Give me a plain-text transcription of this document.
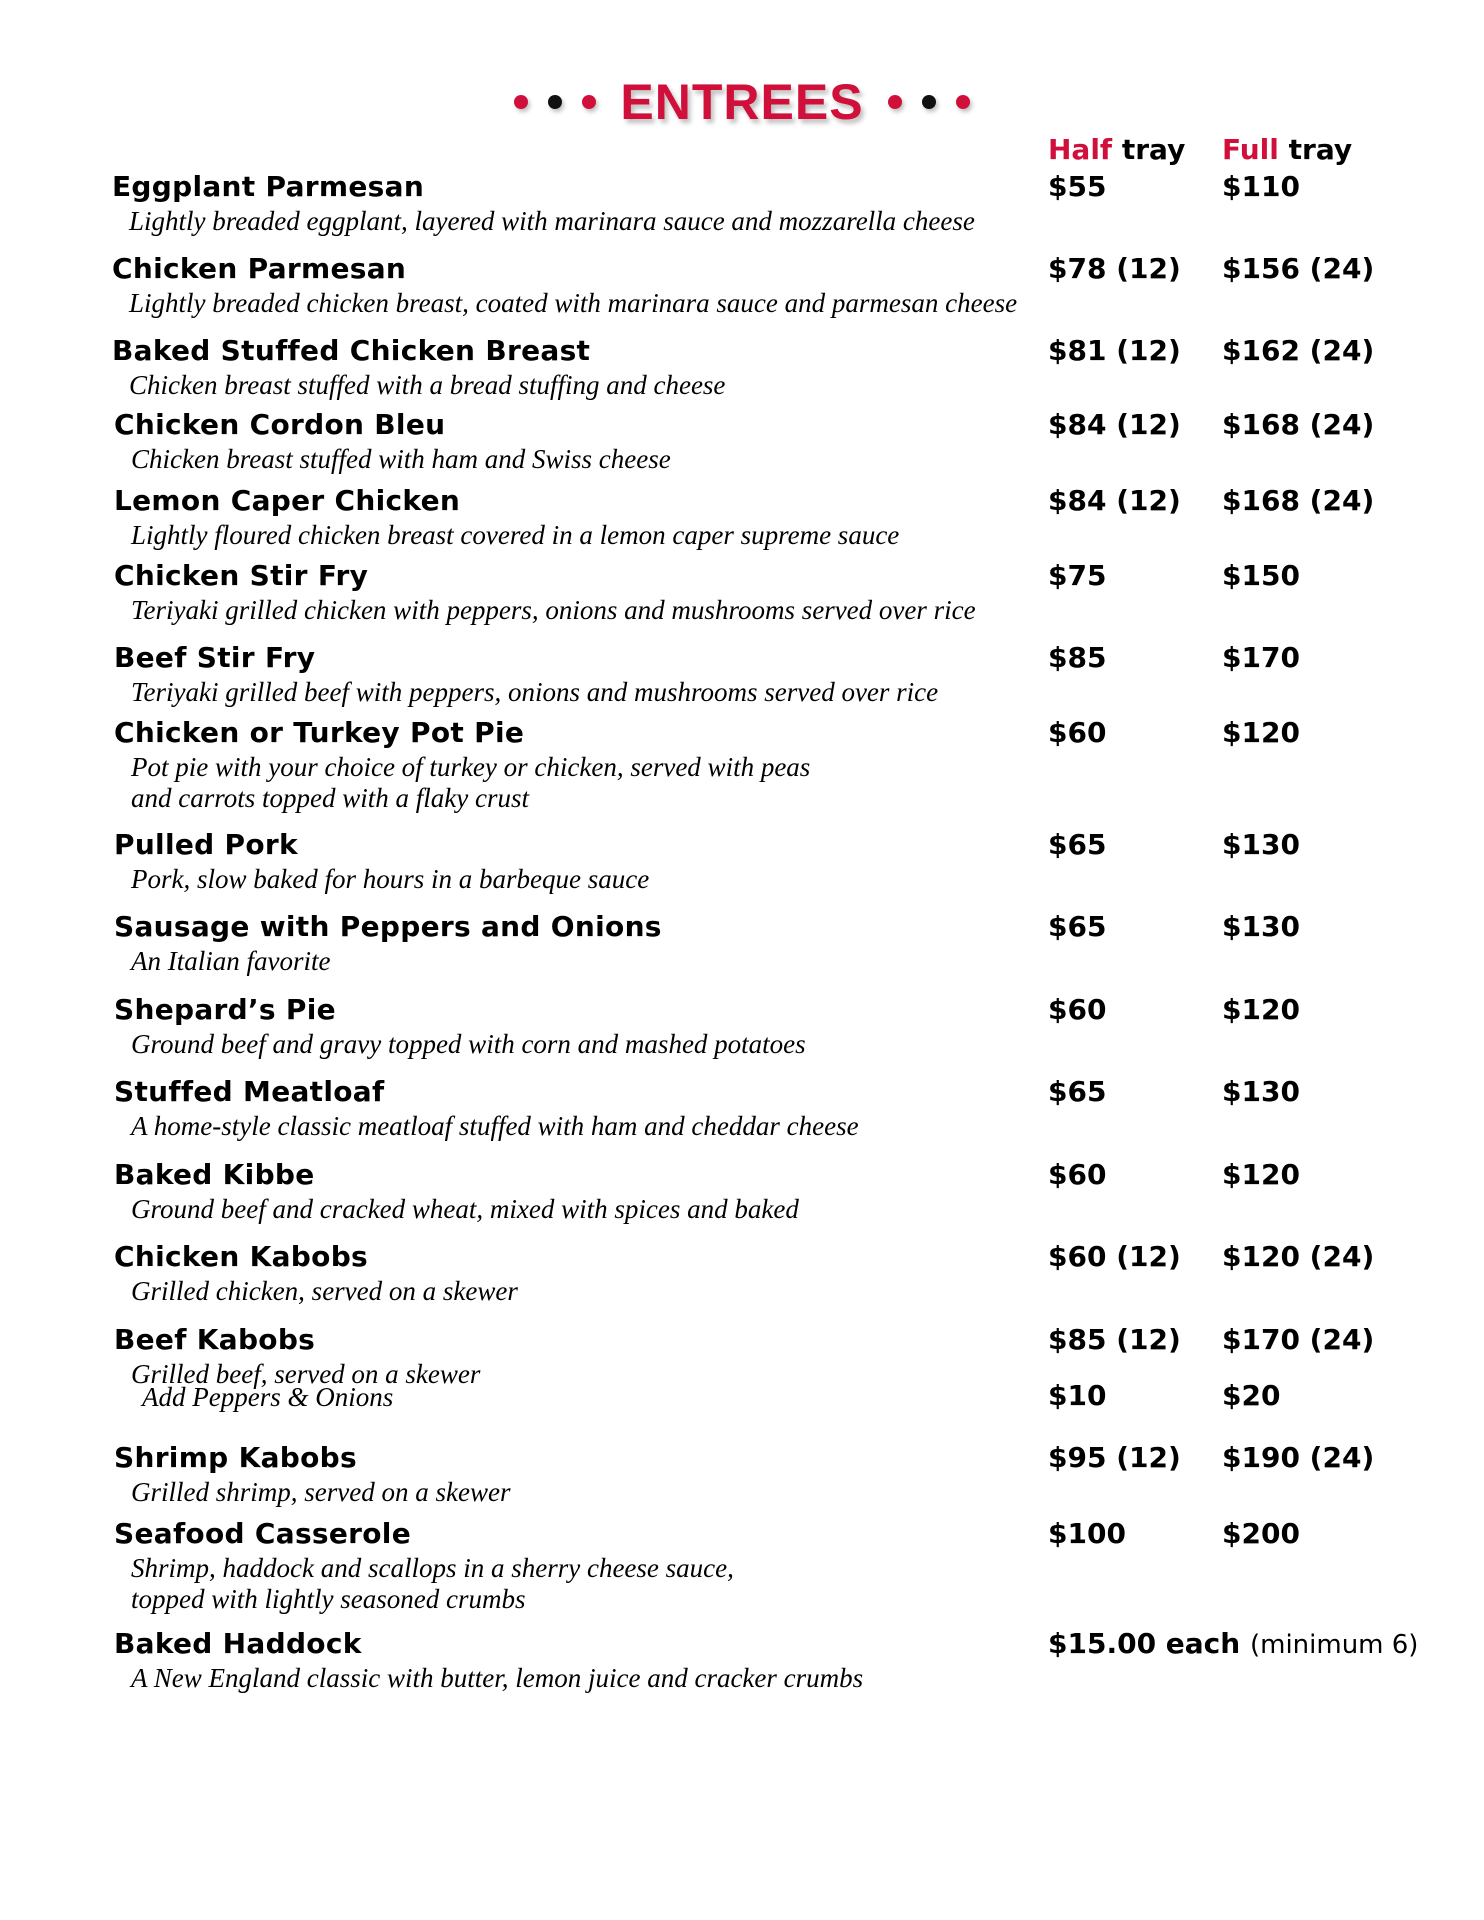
ENTREES
Half tray Full tray
Eggplant Parmesan
Lightly breaded eggplant, layered with marinara sauce and mozzarella cheese
$55	$110
Chicken Parmesan
Lightly breaded chicken breast, coated with marinara sauce and parmesan cheese
$78 (12) $156 (24)
Baked Stuffed Chicken Breast
Chicken breast stuffed with a bread stuffing and cheese
$81 (12) $162 (24)
Chicken Cordon Bleu
Chicken breast stuffed with ham and Swiss cheese
$84 (12) $168 (24)
Lemon Caper Chicken
Lightly floured chicken breast covered in a lemon caper supreme sauce
$84 (12) $168 (24)
Chicken Stir Fry
Teriyaki grilled chicken with peppers, onions and mushrooms served over rice
$75	$150
Beef Stir Fry
Teriyaki grilled beef with peppers, onions and mushrooms served over rice
$85	$170
Chicken or Turkey Pot Pie
Pot pie with your choice of turkey or chicken, served with peas
and carrots topped with a flaky crust
$60	$120
Pulled Pork
Pork, slow baked for hours in a barbeque sauce
$65	$130
Sausage with Peppers and Onions
An Italian favorite
$65	$130
Shepard’s Pie
Ground beef and gravy topped with corn and mashed potatoes
$60	$120
Stuffed Meatloaf
A home-style classic meatloaf stuffed with ham and cheddar cheese
$65	$130
Baked Kibbe
Ground beef and cracked wheat, mixed with spices and baked
$60	$120
Chicken Kabobs
Grilled chicken, served on a skewer
$60 (12) $120 (24)
Beef Kabobs
Grilled beef, served on a skewer
$85 (12) $170 (24)
Add Peppers & Onions	$10	$20
Shrimp Kabobs
Grilled shrimp, served on a skewer
$95 (12) $190 (24)
Seafood Casserole
Shrimp, haddock and scallops in a sherry cheese sauce,
topped with lightly seasoned crumbs
$100	$200
Baked Haddock
A New England classic with butter, lemon juice and cracker crumbs
$15.00 each (minimum 6)
